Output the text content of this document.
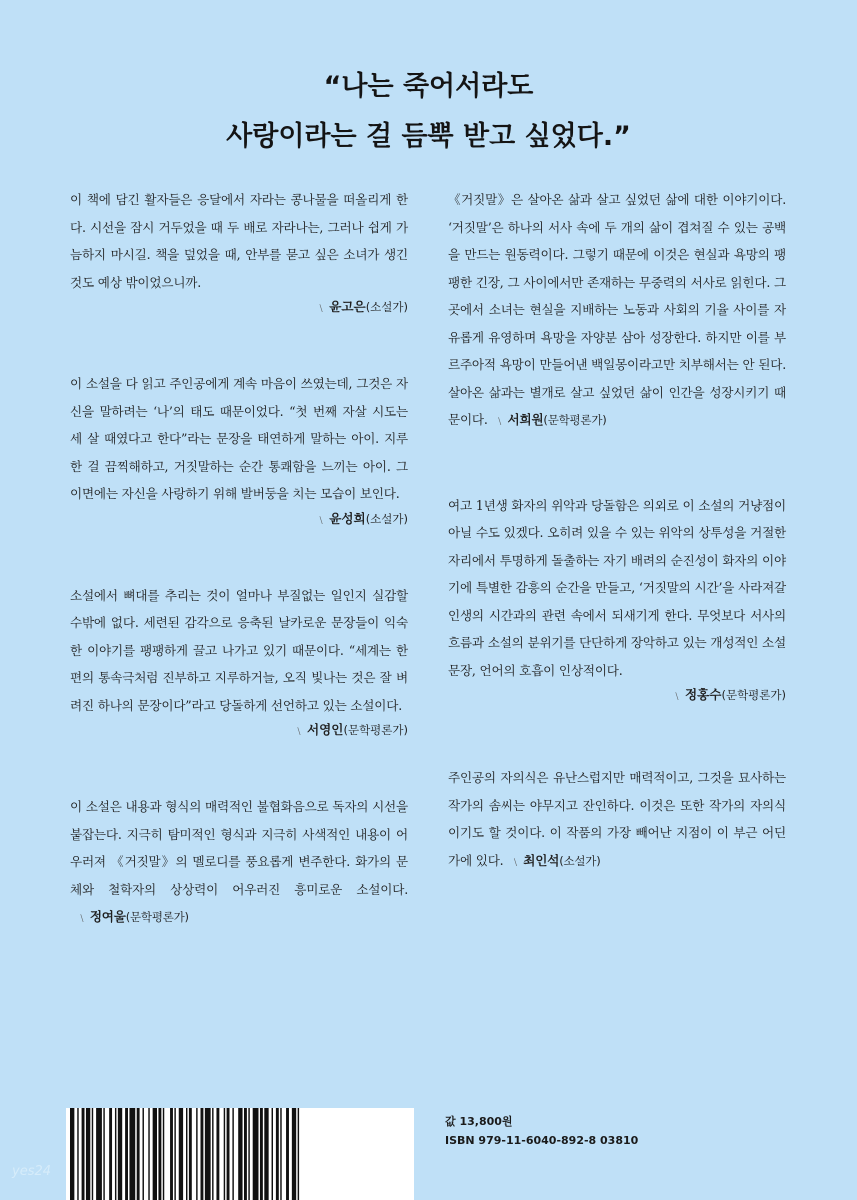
“나는 죽어서라도
사랑이라는 걸 듬뿍 받고 싶었다.”

이 책에 담긴 활자들은 응달에서 자라는 콩나물을 떠올리게 한다. 시선을 잠시 거두었을 때 두 배로 자라나는, 그러나 쉽게 가늠하지 마시길. 책을 덮었을 때, 안부를 묻고 싶은 소녀가 생긴 것도 예상 밖이었으니까.

﹨ 윤고은(소설가)

이 소설을 다 읽고 주인공에게 계속 마음이 쓰였는데, 그것은 자신을 말하려는 ‘나’의 태도 때문이었다. “첫 번째 자살 시도는 세 살 때였다고 한다”라는 문장을 태연하게 말하는 아이. 지루한 걸 끔찍해하고, 거짓말하는 순간 통쾌함을 느끼는 아이. 그 이면에는 자신을 사랑하기 위해 발버둥을 치는 모습이 보인다.

﹨ 윤성희(소설가)

소설에서 뼈대를 추리는 것이 얼마나 부질없는 일인지 실감할 수밖에 없다. 세련된 감각으로 응축된 날카로운 문장들이 익숙한 이야기를 팽팽하게 끌고 나가고 있기 때문이다. “세계는 한 편의 통속극처럼 진부하고 지루하거늘, 오직 빛나는 것은 잘 벼려진 하나의 문장이다”라고 당돌하게 선언하고 있는 소설이다.

﹨ 서영인(문학평론가)

이 소설은 내용과 형식의 매력적인 불협화음으로 독자의 시선을 붙잡는다. 지극히 탐미적인 형식과 지극히 사색적인 내용이 어우러져 《거짓말》의 멜로디를 풍요롭게 변주한다. 화가의 문체와 철학자의 상상력이 어우러진 흥미로운 소설이다.﹨ 정여울(문학평론가)

《거짓말》은 살아온 삶과 살고 싶었던 삶에 대한 이야기이다. ‘거짓말’은 하나의 서사 속에 두 개의 삶이 겹쳐질 수 있는 공백을 만드는 원동력이다. 그렇기 때문에 이것은 현실과 욕망의 팽팽한 긴장, 그 사이에서만 존재하는 무중력의 서사로 읽힌다. 그곳에서 소녀는 현실을 지배하는 노동과 사회의 기율 사이를 자유롭게 유영하며 욕망을 자양분 삼아 성장한다. 하지만 이를 부르주아적 욕망이 만들어낸 백일몽이라고만 치부해서는 안 된다. 살아온 삶과는 별개로 살고 싶었던 삶이 인간을 성장시키기 때문이다. ﹨ 서희원(문학평론가)

여고 1년생 화자의 위악과 당돌함은 의외로 이 소설의 거냥점이 아닐 수도 있겠다. 오히려 있을 수 있는 위악의 상투성을 거절한 자리에서 투명하게 돌출하는 자기 배려의 순진성이 화자의 이야기에 특별한 감흥의 순간을 만들고, ‘거짓말의 시간’을 사라져갈 인생의 시간과의 관련 속에서 되새기게 한다. 무엇보다 서사의 흐름과 소설의 분위기를 단단하게 장악하고 있는 개성적인 소설 문장, 언어의 호흡이 인상적이다.

﹨ 정홍수(문학평론가)

주인공의 자의식은 유난스럽지만 매력적이고, 그것을 묘사하는 작가의 솜씨는 야무지고 잔인하다. 이것은 또한 작가의 자의식이기도 할 것이다. 이 작품의 가장 빼어난 지점이 이 부근 어딘가에 있다. ﹨ 최인석(소설가)

값 13,800원
ISBN 979-11-6040-892-8 03810
yes24
